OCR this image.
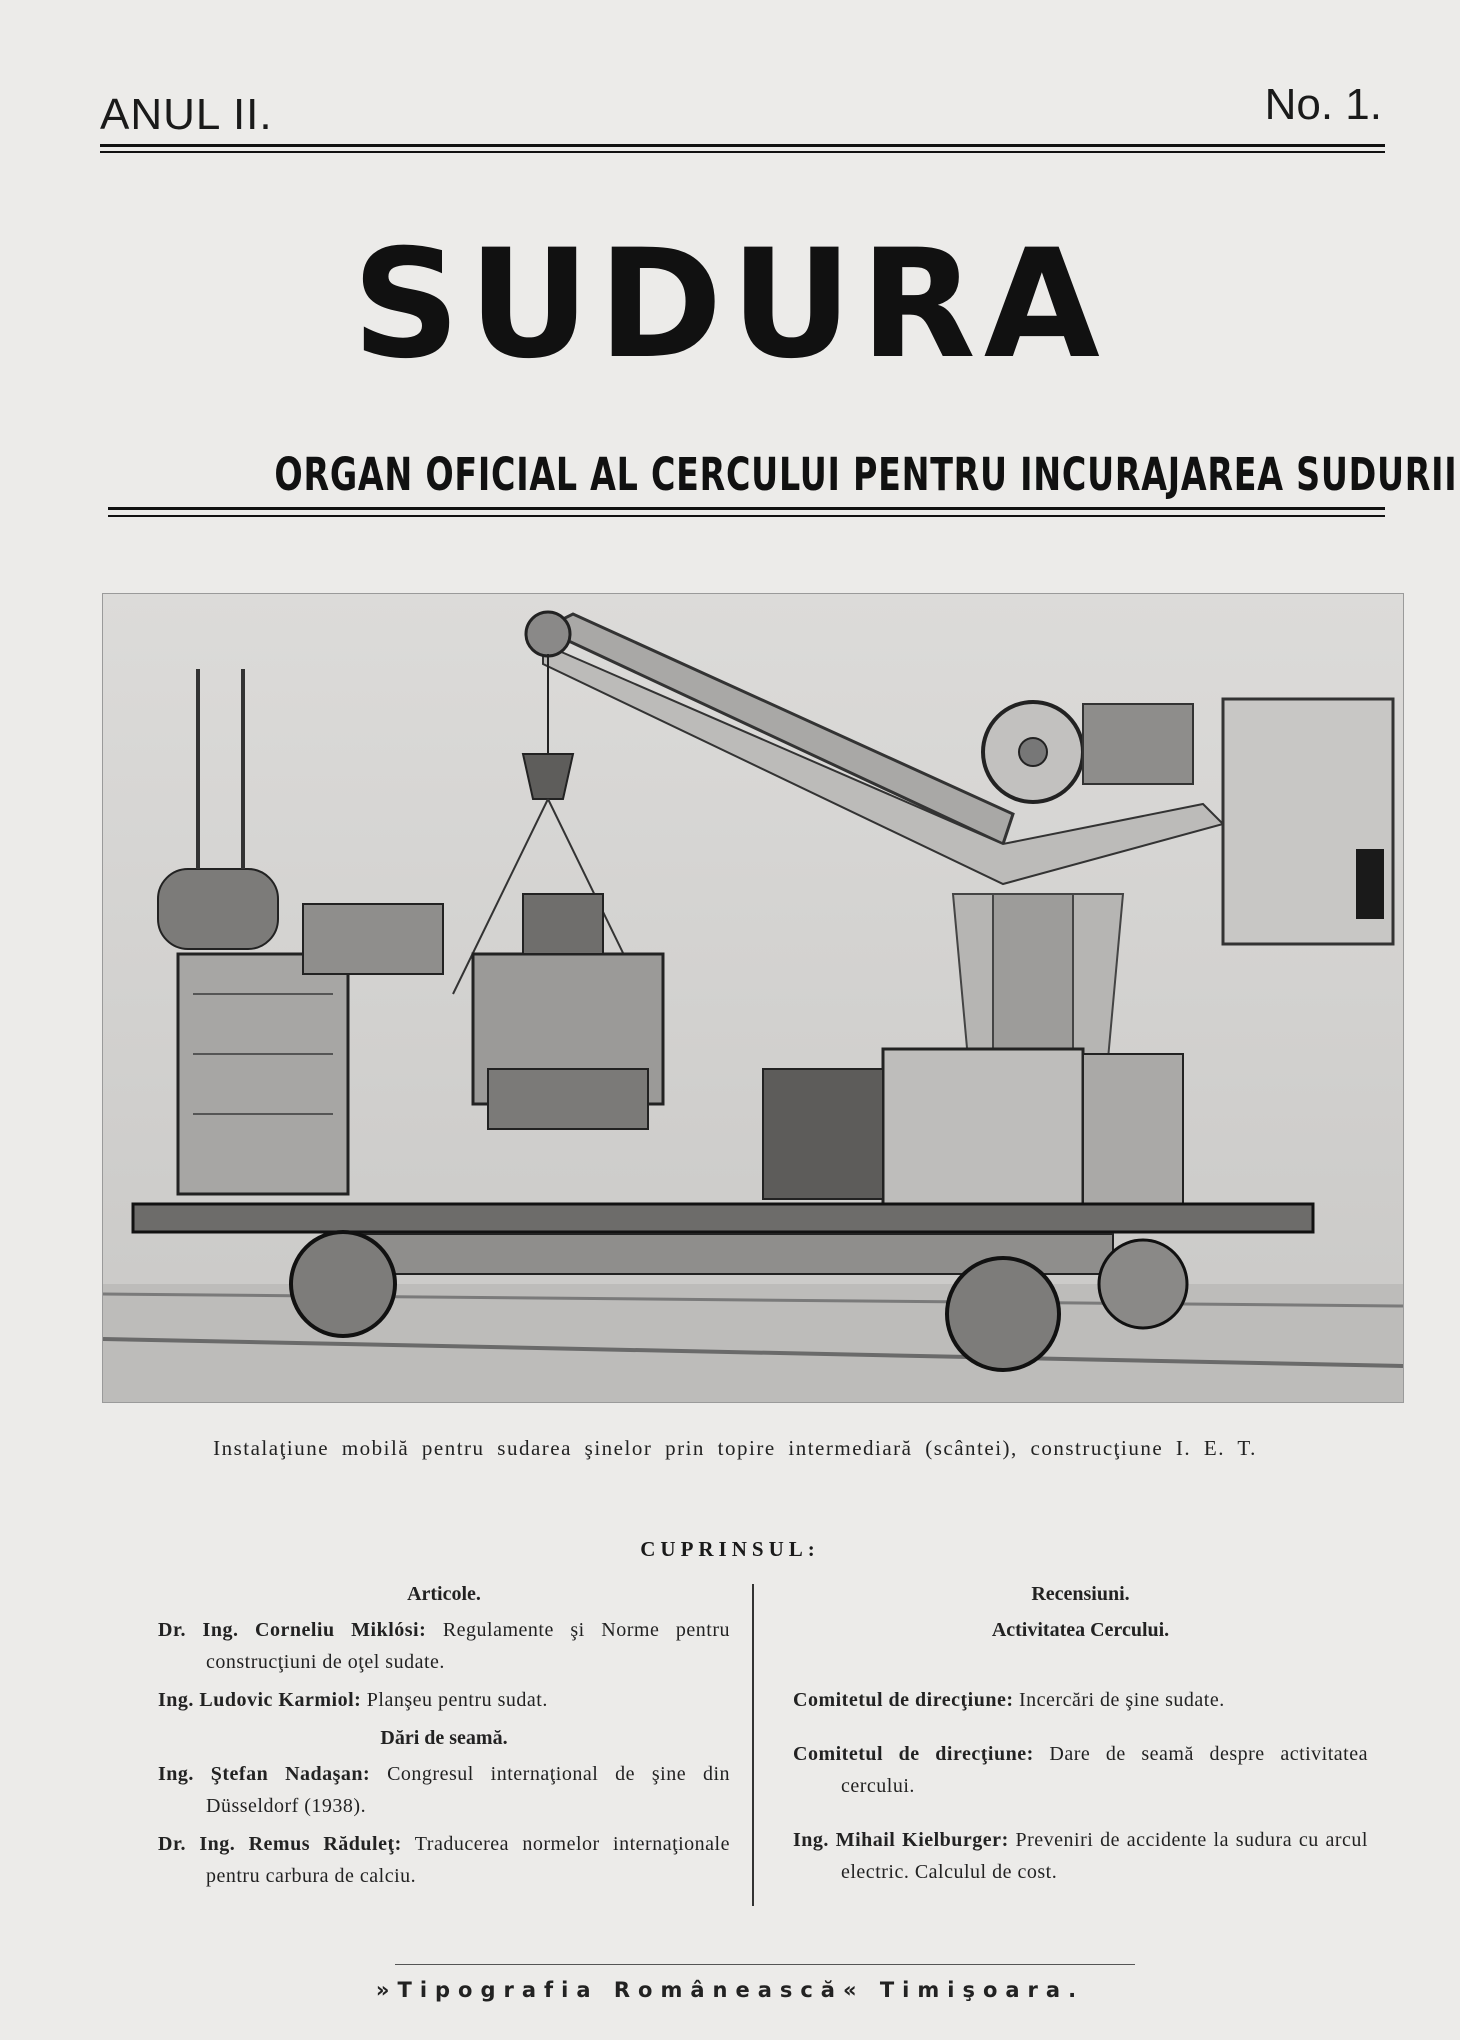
ANUL II.	No. 1.
SUDURA
ORGAN OFICIAL AL CERCULUI PENTRU INCURAJAREA SUDURII
Instalaţiune mobilă pentru sudarea şinelor prin topire intermediară (scântei), construcţiune I. E. T.
CUPRINSUL:
Articole.
Dr. Ing. Corneliu Miklósi: Regulamente şi Norme pentru construcţiuni de oţel sudate.
Ing. Ludovic Karmiol: Planşeu pentru sudat.
Dări de seamă.
Ing. Ştefan Nadaşan: Congresul internaţional de şine din Düsseldorf (1938).
Dr. Ing. Remus Răduleţ: Traducerea normelor internaţionale pentru carbura de calciu.
Recensiuni.
Activitatea Cercului.
Comitetul de direcţiune: Incercări de şine sudate.
Comitetul de direcţiune: Dare de seamă despre activitatea cercului.
Ing. Mihail Kielburger: Preveniri de accidente la sudura cu arcul electric. Calculul de cost.
»Tipografia Românească« Timişoara.
